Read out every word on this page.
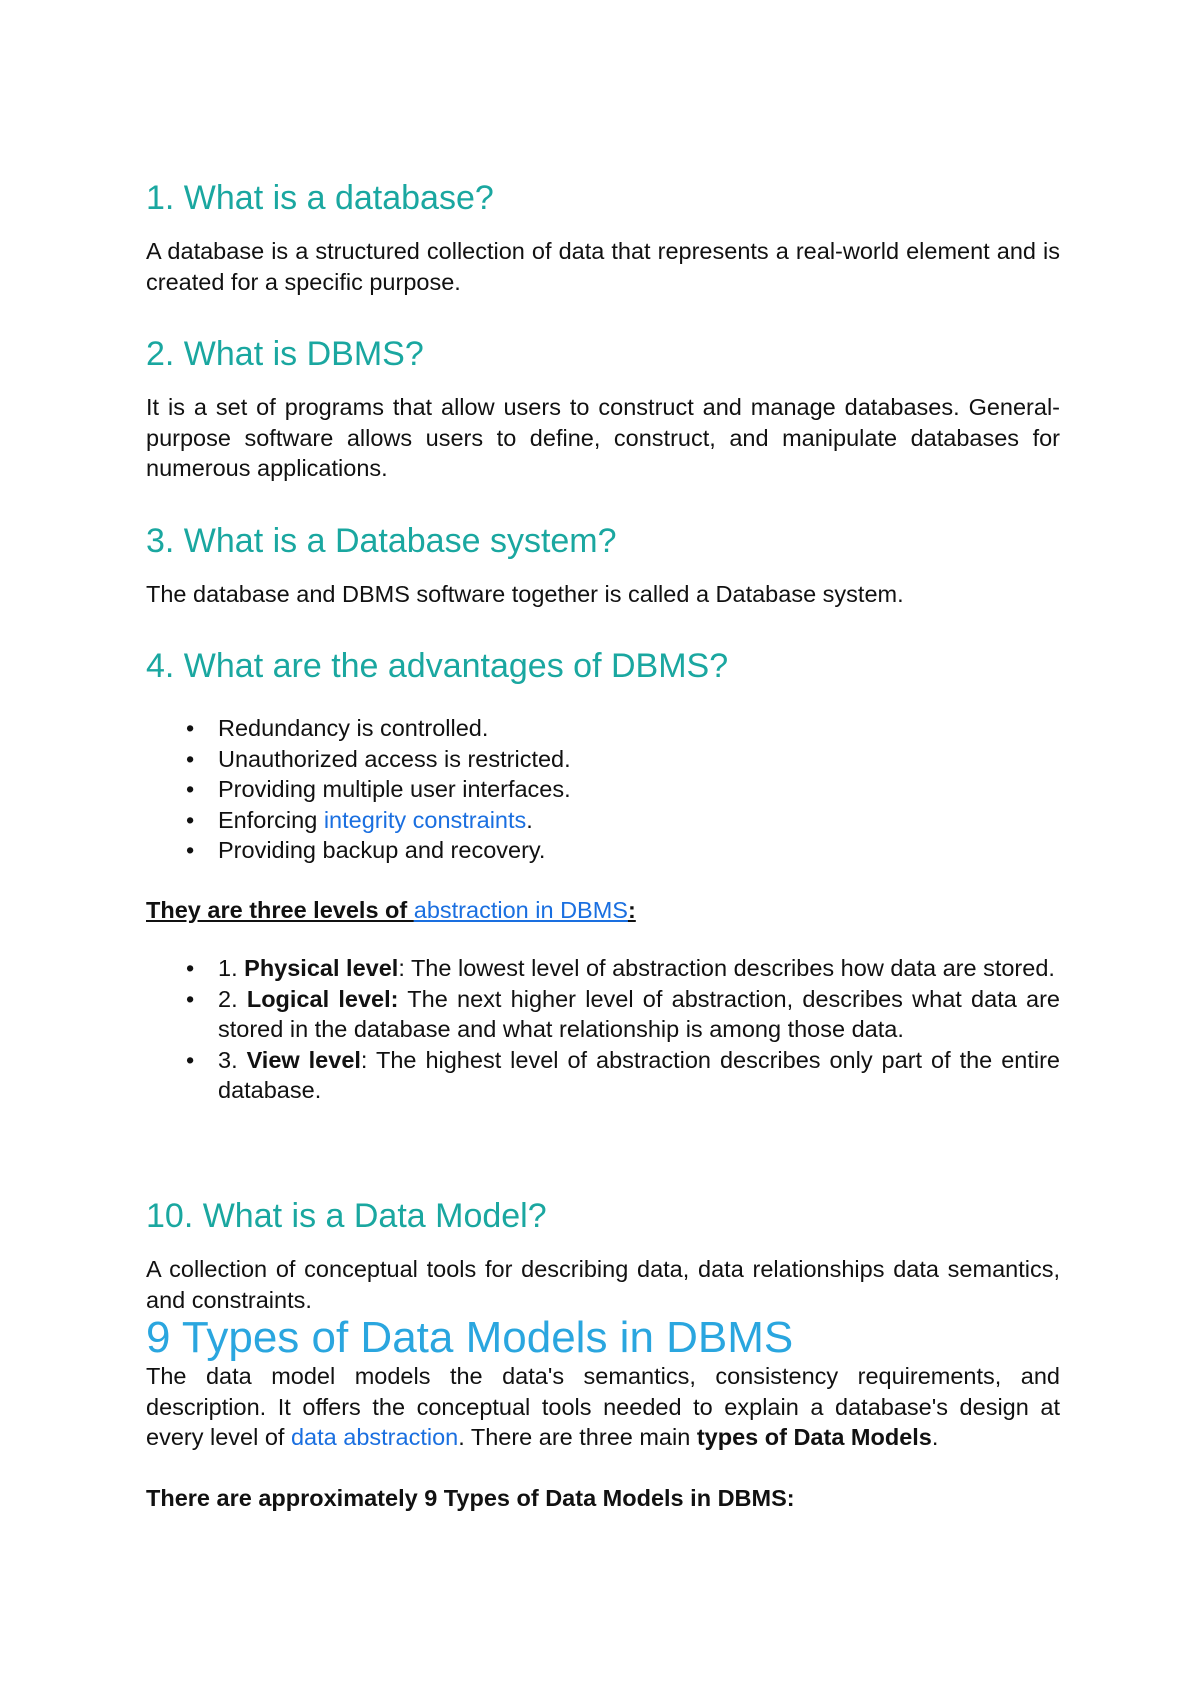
1. What is a database?

A database is a structured collection of data that represents a real-world element and is created for a specific purpose.

2. What is DBMS?

It is a set of programs that allow users to construct and manage databases. General-purpose software allows users to define, construct, and manipulate databases for numerous applications.

3. What is a Database system?

The database and DBMS software together is called a Database system.

4. What are the advantages of DBMS?
• Redundancy is controlled.
• Unauthorized access is restricted.
• Providing multiple user interfaces.
• Enforcing integrity constraints.
• Providing backup and recovery.

They are three levels of abstraction in DBMS:

• 1. Physical level: The lowest level of abstraction describes how data are stored.
• 2. Logical level: The next higher level of abstraction, describes what data are stored in the database and what relationship is among those data.
• 3. View level: The highest level of abstraction describes only part of the entire database.
10. What is a Data Model?

A collection of conceptual tools for describing data, data relationships data semantics, and constraints.

9 Types of Data Models in DBMS

The data model models the data's semantics, consistency requirements, and description. It offers the conceptual tools needed to explain a database's design at every level of data abstraction. There are three main types of Data Models.

There are approximately 9 Types of Data Models in DBMS:
